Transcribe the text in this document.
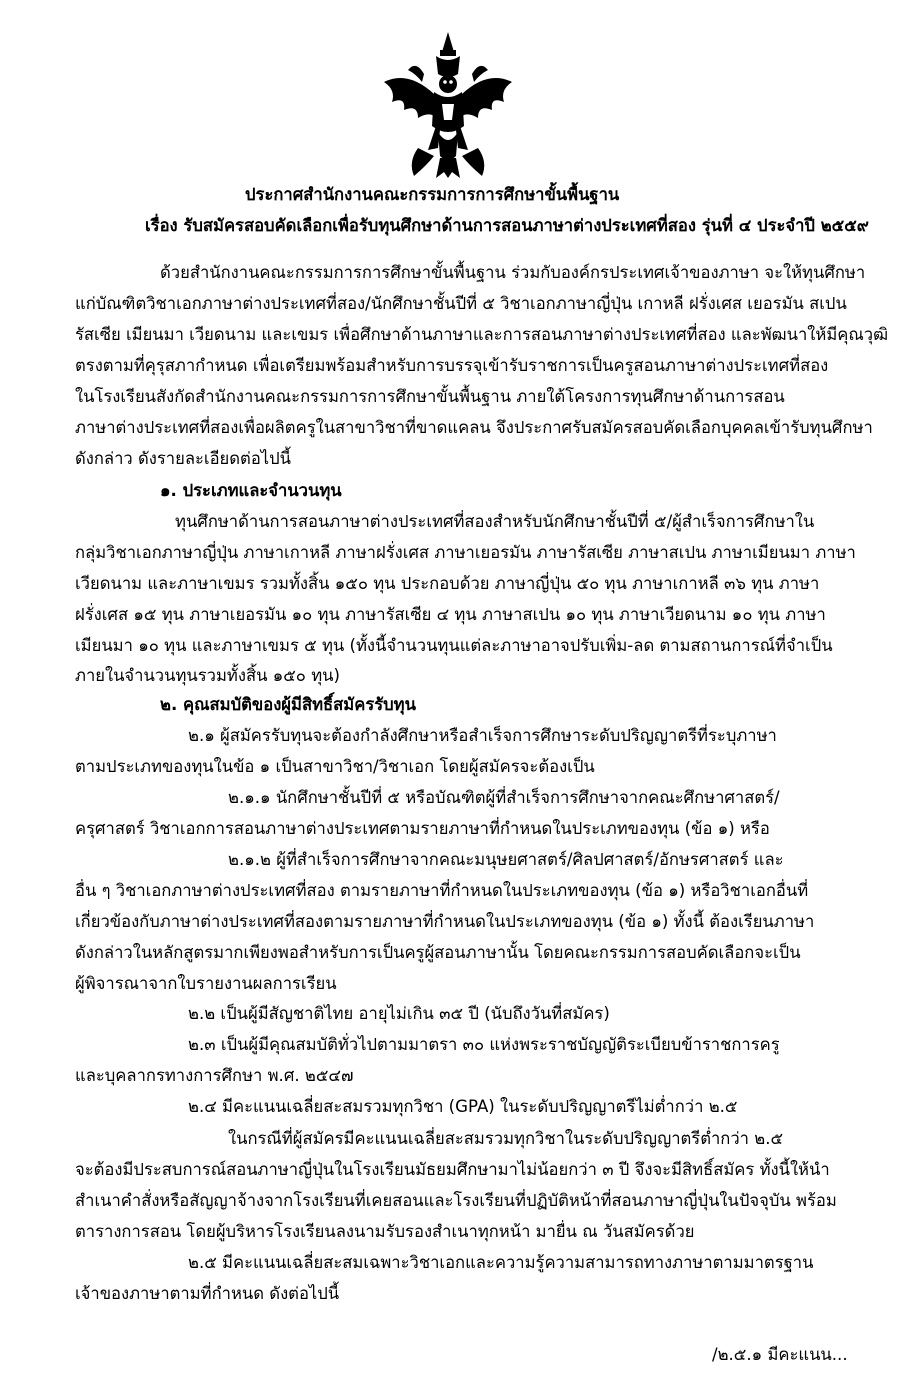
ประกาศสำนักงานคณะกรรมการการศึกษาขั้นพื้นฐาน

เรื่อง รับสมัครสอบคัดเลือกเพื่อรับทุนศึกษาด้านการสอนภาษาต่างประเทศที่สอง รุ่นที่ ๔ ประจำปี ๒๕๕๙

ด้วยสำนักงานคณะกรรมการการศึกษาขั้นพื้นฐาน ร่วมกับองค์กรประเทศเจ้าของภาษา จะให้ทุนศึกษา

แก่บัณฑิตวิชาเอกภาษาต่างประเทศที่สอง/นักศึกษาชั้นปีที่ ๕ วิชาเอกภาษาญี่ปุ่น เกาหลี ฝรั่งเศส เยอรมัน สเปน

รัสเซีย เมียนมา เวียดนาม และเขมร เพื่อศึกษาด้านภาษาและการสอนภาษาต่างประเทศที่สอง และพัฒนาให้มีคุณวุฒิ

ตรงตามที่คุรุสภากำหนด เพื่อเตรียมพร้อมสำหรับการบรรจุเข้ารับราชการเป็นครูสอนภาษาต่างประเทศที่สอง

ในโรงเรียนสังกัดสำนักงานคณะกรรมการการศึกษาขั้นพื้นฐาน ภายใต้โครงการทุนศึกษาด้านการสอน

ภาษาต่างประเทศที่สองเพื่อผลิตครูในสาขาวิชาที่ขาดแคลน จึงประกาศรับสมัครสอบคัดเลือกบุคคลเข้ารับทุนศึกษา

ดังกล่าว ดังรายละเอียดต่อไปนี้

๑. ประเภทและจำนวนทุน

ทุนศึกษาด้านการสอนภาษาต่างประเทศที่สองสำหรับนักศึกษาชั้นปีที่ ๕/ผู้สำเร็จการศึกษาใน

กลุ่มวิชาเอกภาษาญี่ปุ่น ภาษาเกาหลี ภาษาฝรั่งเศส ภาษาเยอรมัน ภาษารัสเซีย ภาษาสเปน ภาษาเมียนมา ภาษา

เวียดนาม และภาษาเขมร รวมทั้งสิ้น ๑๕๐ ทุน ประกอบด้วย ภาษาญี่ปุ่น ๕๐ ทุน ภาษาเกาหลี ๓๖ ทุน ภาษา

ฝรั่งเศส ๑๕ ทุน ภาษาเยอรมัน ๑๐ ทุน ภาษารัสเซีย ๔ ทุน ภาษาสเปน ๑๐ ทุน ภาษาเวียดนาม ๑๐ ทุน ภาษา

เมียนมา ๑๐ ทุน และภาษาเขมร ๕ ทุน (ทั้งนี้จำนวนทุนแต่ละภาษาอาจปรับเพิ่ม-ลด ตามสถานการณ์ที่จำเป็น

ภายในจำนวนทุนรวมทั้งสิ้น ๑๕๐ ทุน)

๒. คุณสมบัติของผู้มีสิทธิ์สมัครรับทุน

๒.๑ ผู้สมัครรับทุนจะต้องกำลังศึกษาหรือสำเร็จการศึกษาระดับปริญญาตรีที่ระบุภาษา

ตามประเภทของทุนในข้อ ๑ เป็นสาขาวิชา/วิชาเอก โดยผู้สมัครจะต้องเป็น

๒.๑.๑ นักศึกษาชั้นปีที่ ๕ หรือบัณฑิตผู้ที่สำเร็จการศึกษาจากคณะศึกษาศาสตร์/

ครุศาสตร์ วิชาเอกการสอนภาษาต่างประเทศตามรายภาษาที่กำหนดในประเภทของทุน (ข้อ ๑) หรือ

๒.๑.๒ ผู้ที่สำเร็จการศึกษาจากคณะมนุษยศาสตร์/ศิลปศาสตร์/อักษรศาสตร์ และ

อื่น ๆ วิชาเอกภาษาต่างประเทศที่สอง ตามรายภาษาที่กำหนดในประเภทของทุน (ข้อ ๑) หรือวิชาเอกอื่นที่

เกี่ยวข้องกับภาษาต่างประเทศที่สองตามรายภาษาที่กำหนดในประเภทของทุน (ข้อ ๑) ทั้งนี้ ต้องเรียนภาษา

ดังกล่าวในหลักสูตรมากเพียงพอสำหรับการเป็นครูผู้สอนภาษานั้น โดยคณะกรรมการสอบคัดเลือกจะเป็น

ผู้พิจารณาจากใบรายงานผลการเรียน

๒.๒ เป็นผู้มีสัญชาติไทย อายุไม่เกิน ๓๕ ปี (นับถึงวันที่สมัคร)

๒.๓ เป็นผู้มีคุณสมบัติทั่วไปตามมาตรา ๓๐ แห่งพระราชบัญญัติระเบียบข้าราชการครู

และบุคลากรทางการศึกษา พ.ศ. ๒๕๔๗

๒.๔ มีคะแนนเฉลี่ยสะสมรวมทุกวิชา (GPA) ในระดับปริญญาตรีไม่ต่ำกว่า ๒.๕

ในกรณีที่ผู้สมัครมีคะแนนเฉลี่ยสะสมรวมทุกวิชาในระดับปริญญาตรีต่ำกว่า ๒.๕

จะต้องมีประสบการณ์สอนภาษาญี่ปุ่นในโรงเรียนมัธยมศึกษามาไม่น้อยกว่า ๓ ปี จึงจะมีสิทธิ์สมัคร ทั้งนี้ให้นำ

สำเนาคำสั่งหรือสัญญาจ้างจากโรงเรียนที่เคยสอนและโรงเรียนที่ปฏิบัติหน้าที่สอนภาษาญี่ปุ่นในปัจจุบัน พร้อม

ตารางการสอน โดยผู้บริหารโรงเรียนลงนามรับรองสำเนาทุกหน้า มายื่น ณ วันสมัครด้วย

๒.๕ มีคะแนนเฉลี่ยสะสมเฉพาะวิชาเอกและความรู้ความสามารถทางภาษาตามมาตรฐาน

เจ้าของภาษาตามที่กำหนด ดังต่อไปนี้

/๒.๕.๑ มีคะแนน...
